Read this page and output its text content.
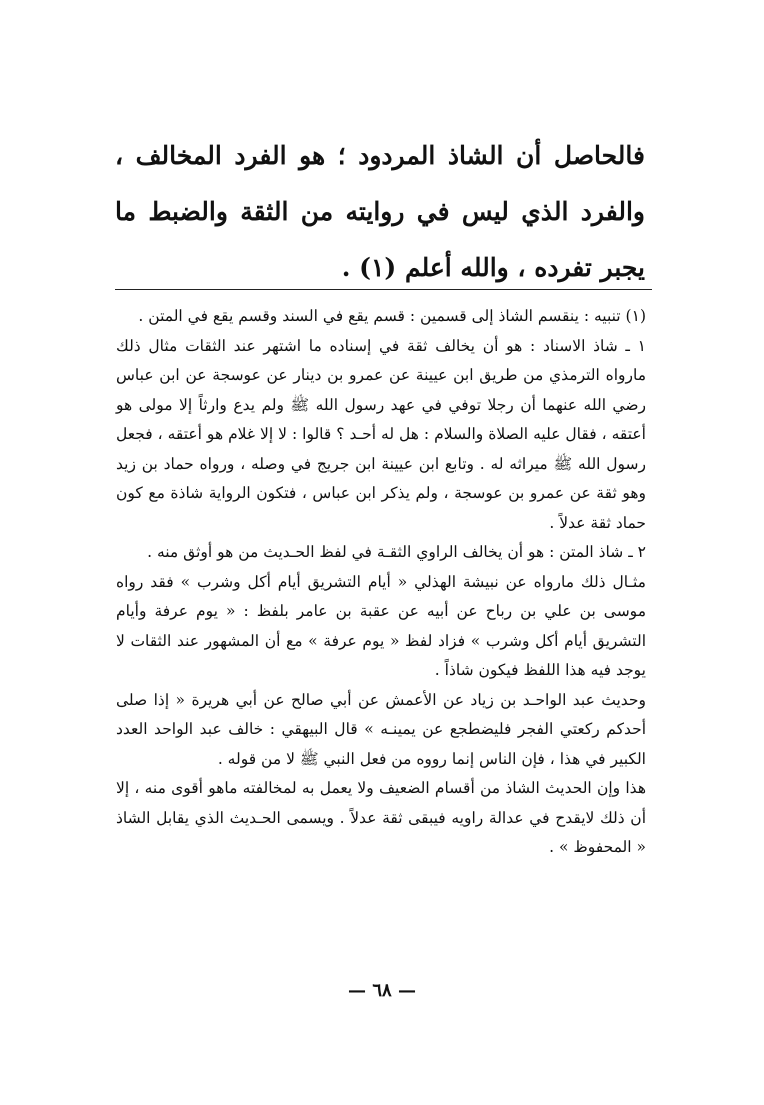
فالحاصل أن الشاذ المردود ؛ هو الفرد المخالف ، والفرد الذي ليس في روايته من الثقة والضبط ما يجبر تفرده ، والله أعلم (١) .

(١) تنبيه : ينقسم الشاذ إلى قسمين : قسم يقع في السند وقسم يقع في المتن .

١ ـ شاذ الاسناد : هو أن يخالف ثقة في إسناده ما اشتهر عند الثقات مثال ذلك مارواه الترمذي من طريق ابن عيينة عن عمرو بن دينار عن عوسجة عن ابن عباس رضي الله عنهما أن رجلا توفي في عهد رسول الله ﷺ ولم يدع وارثاً إلا مولى هو أعتقه ، فقال عليه الصلاة والسلام : هل له أحـد ؟ قالوا : لا إلا غلام هو أعتقه ، فجعل رسول الله ﷺ ميراثه له . وتابع ابن عيينة ابن جريج في وصله ، ورواه حماد بن زيد وهو ثقة عن عمرو بن عوسجة ، ولم يذكر ابن عباس ، فتكون الرواية شاذة مع كون حماد ثقة عدلاً .

٢ ـ شاذ المتن : هو أن يخالف الراوي الثقـة في لفظ الحـديث من هو أوثق منه .

مثـال ذلك مارواه عن نبيشة الهذلي « أيام التشريق أيام أكل وشرب » فقد رواه موسى بن علي بن رباح عن أبيه عن عقبة بن عامر بلفظ : « يوم عرفة وأيام التشريق أيام أكل وشرب » فزاد لفظ « يوم عرفة » مع أن المشهور عند الثقات لا يوجد فيه هذا اللفظ فيكون شاذاً .

وحديث عبد الواحـد بن زياد عن الأعمش عن أبي صالح عن أبي هريرة « إذا صلى أحدكم ركعتي الفجر فليضطجع عن يمينـه » قال البيهقي : خالف عبد الواحد العدد الكبير في هذا ، فإن الناس إنما رووه من فعل النبي ﷺ لا من قوله .

هذا وإن الحديث الشاذ من أقسام الضعيف ولا يعمل به لمخالفته ماهو أقوى منه ، إلا أن ذلك لايقدح في عدالة راويه فيبقى ثقة عدلاً . ويسمى الحـديث الذي يقابل الشاذ « المحفوظ » .

— ٦٨ —
